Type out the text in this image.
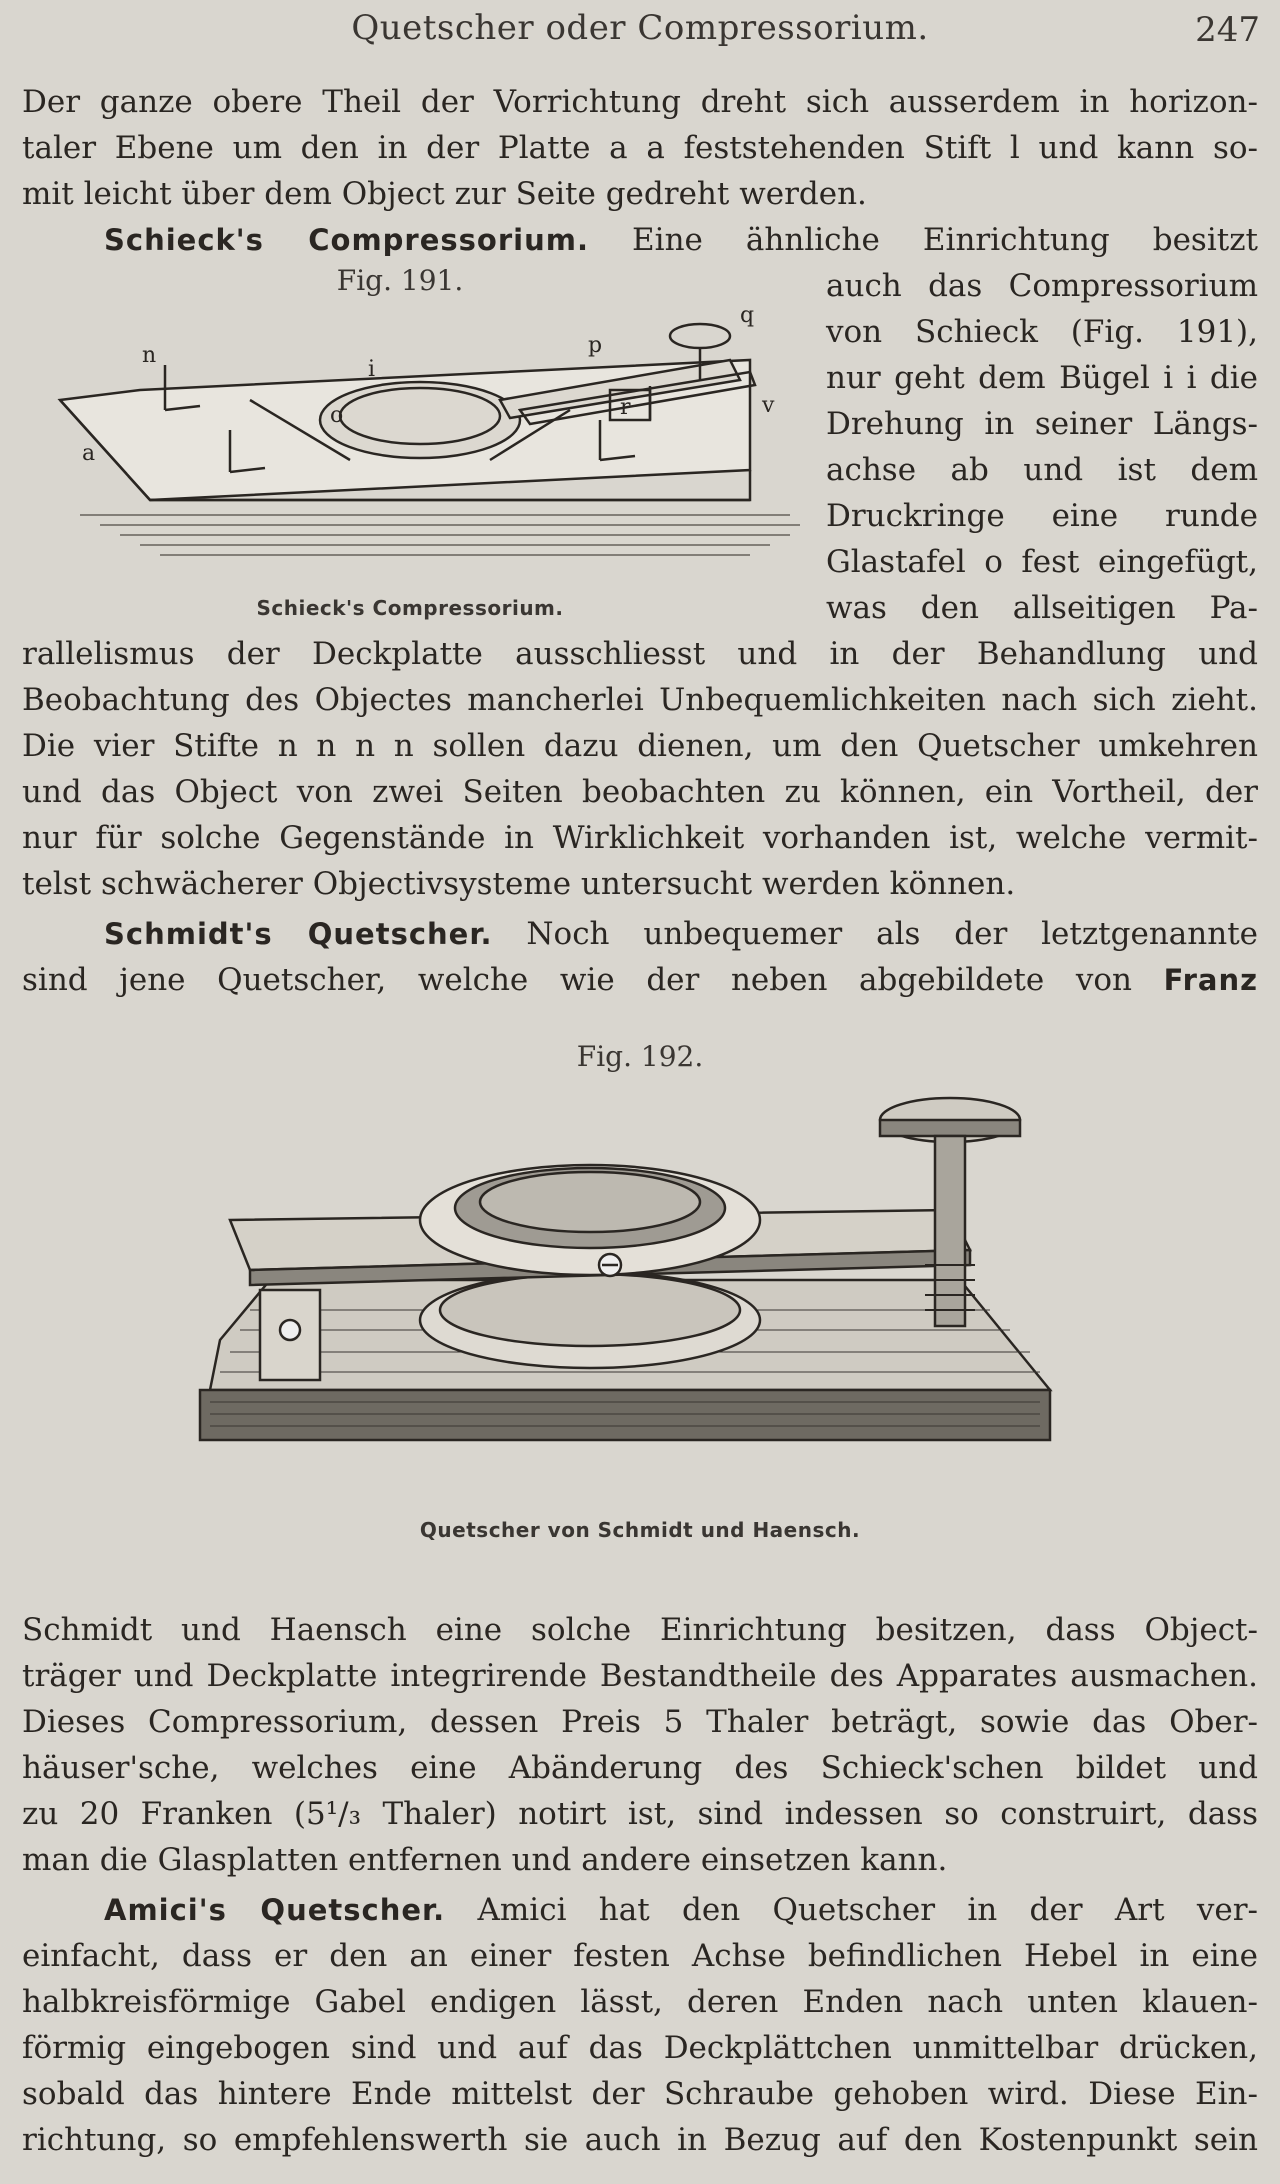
Quetscher oder Compressorium.	247
Der ganze obere Theil der Vorrichtung dreht sich ausserdem in horizon-
taler Ebene um den in der Platte a a feststehenden Stift l und kann so-
mit leicht über dem Object zur Seite gedreht werden.
Schieck's Compressorium. Eine ähnliche Einrichtung besitzt
Fig. 191.
n
i
p
q
a
o	r	v
Schieck's Compressorium.
auch das Compressorium
von Schieck (Fig. 191),
nur geht dem Bügel i i die
Drehung in seiner Längs-
achse ab und ist dem
Druckringe eine runde
Glastafel o fest eingefügt,
was den allseitigen Pa-
rallelismus der Deckplatte ausschliesst und in der Behandlung und
Beobachtung des Objectes mancherlei Unbequemlichkeiten nach sich zieht.
Die vier Stifte n n n n sollen dazu dienen, um den Quetscher umkehren
und das Object von zwei Seiten beobachten zu können, ein Vortheil, der
nur für solche Gegenstände in Wirklichkeit vorhanden ist, welche vermit-
telst schwächerer Objectivsysteme untersucht werden können.
Schmidt's Quetscher. Noch unbequemer als der letztgenannte
sind jene Quetscher, welche wie der neben abgebildete von Franz
Fig. 192.
Quetscher von Schmidt und Haensch.
Schmidt und Haensch eine solche Einrichtung besitzen, dass Object-
träger und Deckplatte integrirende Bestandtheile des Apparates ausmachen.
Dieses Compressorium, dessen Preis 5 Thaler beträgt, sowie das Ober-
häuser'sche, welches eine Abänderung des Schieck'schen bildet und
zu 20 Franken (5¹/₃ Thaler) notirt ist, sind indessen so construirt, dass
man die Glasplatten entfernen und andere einsetzen kann.
Amici's Quetscher. Amici hat den Quetscher in der Art ver-
einfacht, dass er den an einer festen Achse befindlichen Hebel in eine
halbkreisförmige Gabel endigen lässt, deren Enden nach unten klauen-
förmig eingebogen sind und auf das Deckplättchen unmittelbar drücken,
sobald das hintere Ende mittelst der Schraube gehoben wird. Diese Ein-
richtung, so empfehlenswerth sie auch in Bezug auf den Kostenpunkt sein
